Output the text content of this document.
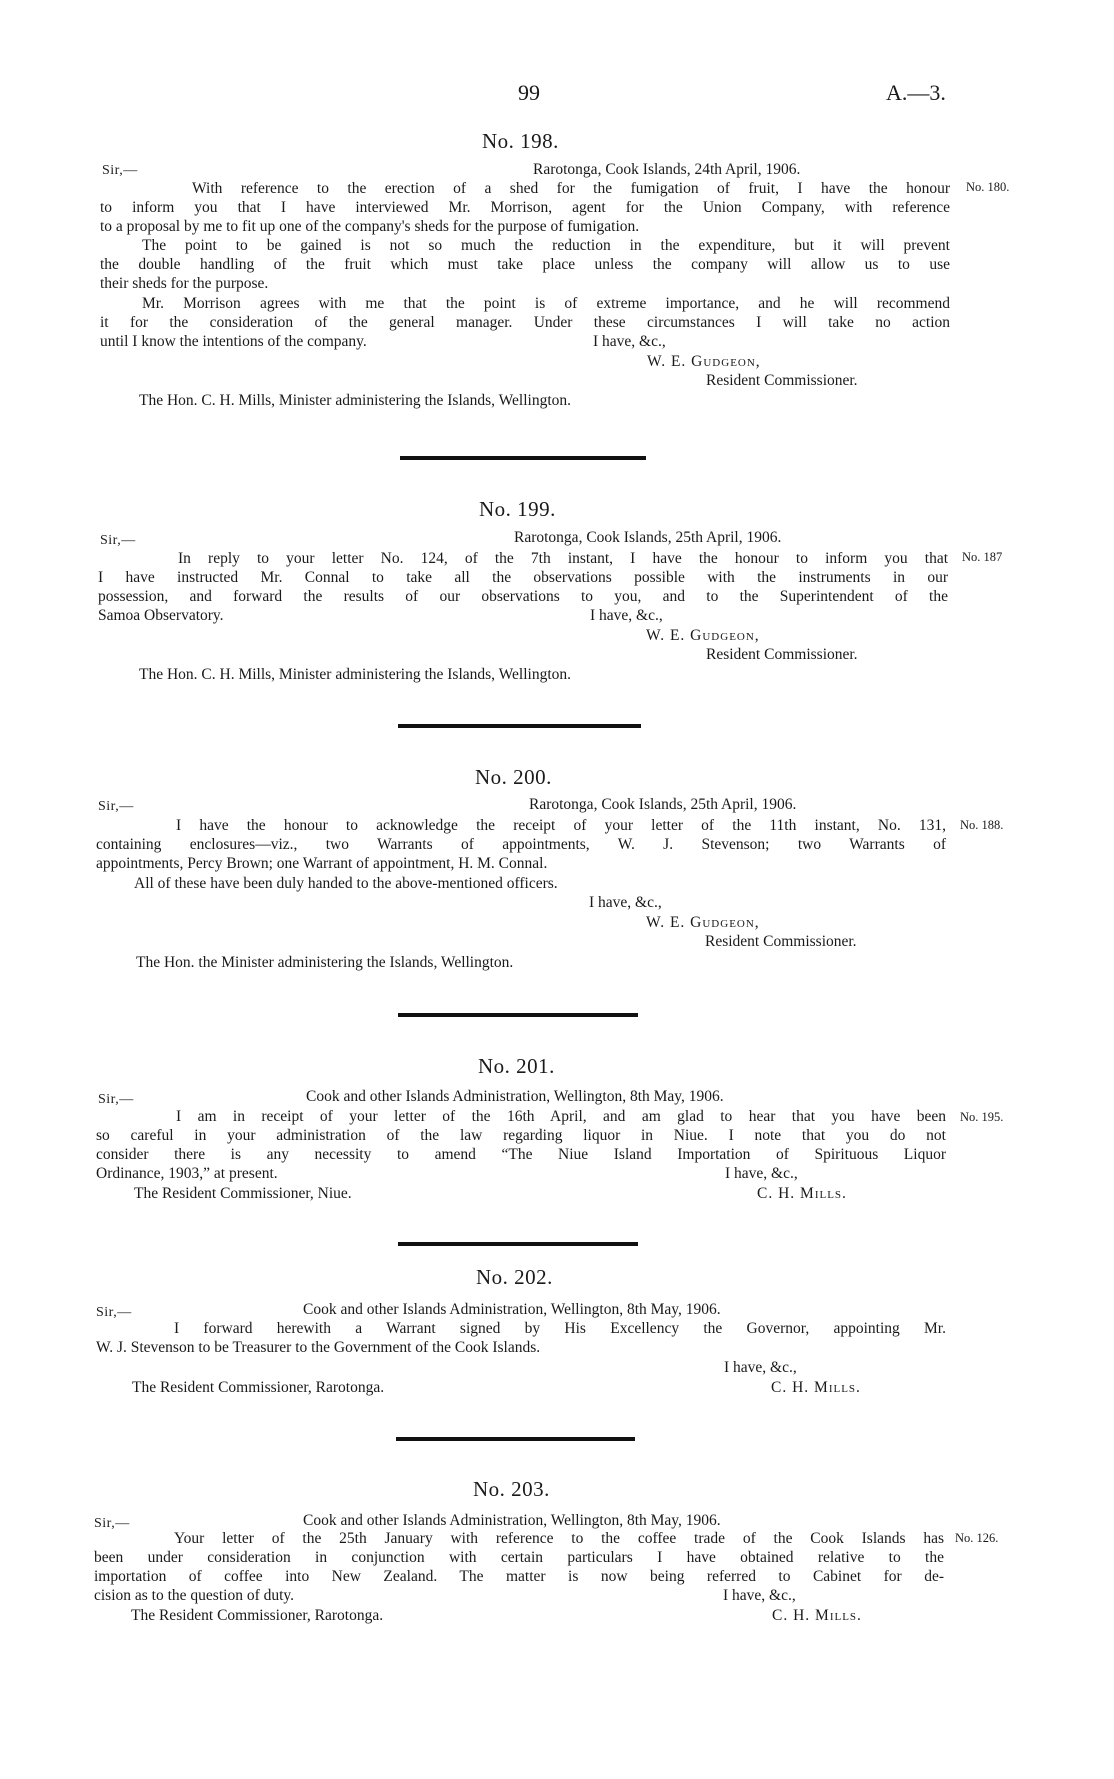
99	A.—3.
No. 198.
Sir,—	Rarotonga, Cook Islands, 24th April, 1906.
No. 180.
With reference to the erection of a shed for the fumigation of fruit, I have the honour
to inform you that I have interviewed Mr. Morrison, agent for the Union Company, with reference
to a proposal by me to fit up one of the company's sheds for the purpose of fumigation.
The point to be gained is not so much the reduction in the expenditure, but it will prevent
the double handling of the fruit which must take place unless the company will allow us to use
their sheds for the purpose.
Mr. Morrison agrees with me that the point is of extreme importance, and he will recommend
it for the consideration of the general manager. Under these circumstances I will take no action
until I know the intentions of the company.	I have, &c.,
W. E. Gudgeon,
Resident Commissioner.
The Hon. C. H. Mills, Minister administering the Islands, Wellington.
No. 199.
Sir,—	Rarotonga, Cook Islands, 25th April, 1906.
No. 187
In reply to your letter No. 124, of the 7th instant, I have the honour to inform you that
I have instructed Mr. Connal to take all the observations possible with the instruments in our
possession, and forward the results of our observations to you, and to the Superintendent of the
Samoa Observatory.	I have, &c.,
W. E. Gudgeon,
Resident Commissioner.
The Hon. C. H. Mills, Minister administering the Islands, Wellington.
No. 200.
Sir,—	Rarotonga, Cook Islands, 25th April, 1906.
No. 188.
I have the honour to acknowledge the receipt of your letter of the 11th instant, No. 131,
containing enclosures—viz., two Warrants of appointments, W. J. Stevenson; two Warrants of
appointments, Percy Brown; one Warrant of appointment, H. M. Connal.
All of these have been duly handed to the above-mentioned officers.
I have, &c.,
W. E. Gudgeon,
Resident Commissioner.
The Hon. the Minister administering the Islands, Wellington.
No. 201.
Sir,—	Cook and other Islands Administration, Wellington, 8th May, 1906.
No. 195.
I am in receipt of your letter of the 16th April, and am glad to hear that you have been
so careful in your administration of the law regarding liquor in Niue. I note that you do not
consider there is any necessity to amend “The Niue Island Importation of Spirituous Liquor
Ordinance, 1903,” at present.	I have, &c.,
The Resident Commissioner, Niue.	C. H. Mills.
No. 202.
Sir,—	Cook and other Islands Administration, Wellington, 8th May, 1906.
I forward herewith a Warrant signed by His Excellency the Governor, appointing Mr.
W. J. Stevenson to be Treasurer to the Government of the Cook Islands.
I have, &c.,
The Resident Commissioner, Rarotonga.	C. H. Mills.
No. 203.
Sir,—	Cook and other Islands Administration, Wellington, 8th May, 1906.
No. 126.
Your letter of the 25th January with reference to the coffee trade of the Cook Islands has
been under consideration in conjunction with certain particulars I have obtained relative to the
importation of coffee into New Zealand. The matter is now being referred to Cabinet for de-
cision as to the question of duty.	I have, &c.,
The Resident Commissioner, Rarotonga.	C. H. Mills.
